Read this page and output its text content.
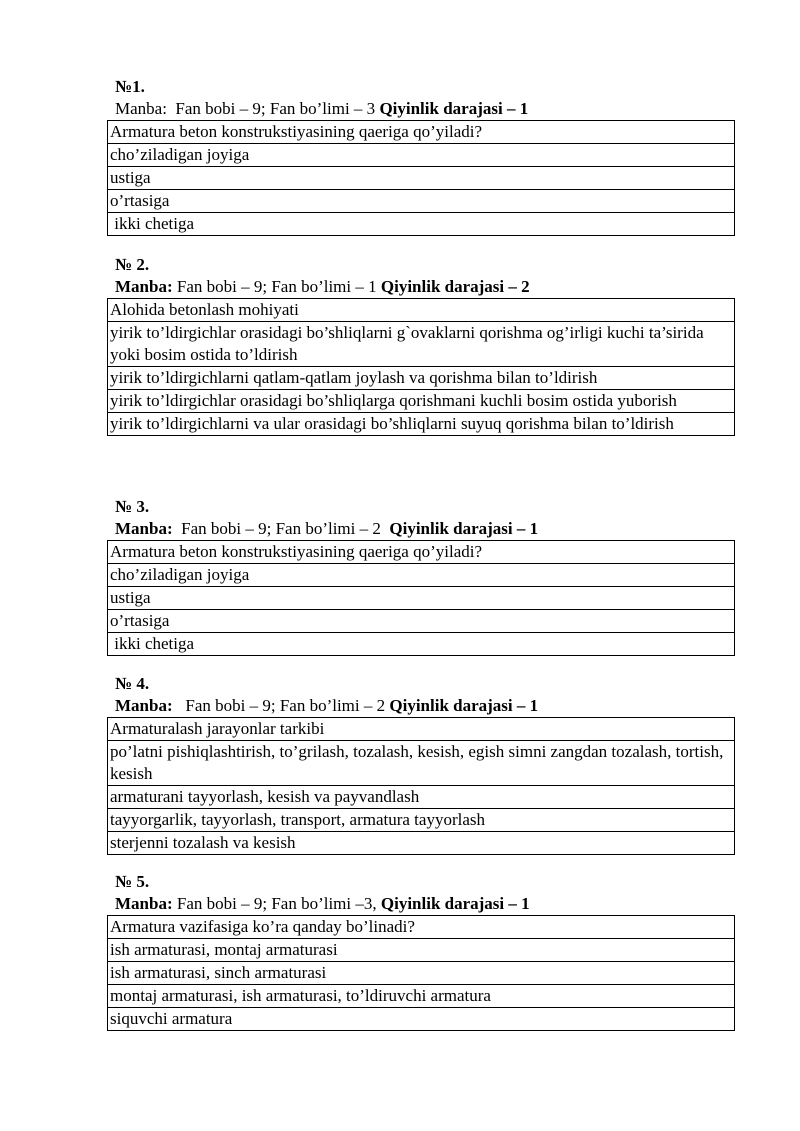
№1.
Manba:  Fan bobi – 9; Fan bo’limi – 3 Qiyinlik darajasi – 1
Armatura beton konstrukstiyasining qaeriga qo’yiladi?
cho’ziladigan joyiga
ustiga
o’rtasiga
ikki chetiga
№ 2.
Manba: Fan bobi – 9; Fan bo’limi – 1 Qiyinlik darajasi – 2
Alohida betonlash mohiyati
yirik to’ldirgichlar orasidagi bo’shliqlarni g`ovaklarni qorishma og’irligi kuchi ta’sirida yoki bosim ostida to’ldirish
yirik to’ldirgichlarni qatlam-qatlam joylash va qorishma bilan to’ldirish
yirik to’ldirgichlar orasidagi bo’shliqlarga qorishmani kuchli bosim ostida yuborish
yirik to’ldirgichlarni va ular orasidagi bo’shliqlarni suyuq qorishma bilan to’ldirish
№ 3.
Manba:  Fan bobi – 9; Fan bo’limi – 2  Qiyinlik darajasi – 1
Armatura beton konstrukstiyasining qaeriga qo’yiladi?
cho’ziladigan joyiga
ustiga
o’rtasiga
ikki chetiga
№ 4.
Manba:   Fan bobi – 9; Fan bo’limi – 2 Qiyinlik darajasi – 1
Armaturalash jarayonlar tarkibi
po’latni pishiqlashtirish, to’grilash, tozalash, kesish, egish simni zangdan tozalash, tortish, kesish
armaturani tayyorlash, kesish va payvandlash
tayyorgarlik, tayyorlash, transport, armatura tayyorlash
sterjenni tozalash va kesish
№ 5.
Manba: Fan bobi – 9; Fan bo’limi –3, Qiyinlik darajasi – 1
Armatura vazifasiga ko’ra qanday bo’linadi?
ish armaturasi, montaj armaturasi
ish armaturasi, sinch armaturasi
montaj armaturasi, ish armaturasi, to’ldiruvchi armatura
siquvchi armatura
